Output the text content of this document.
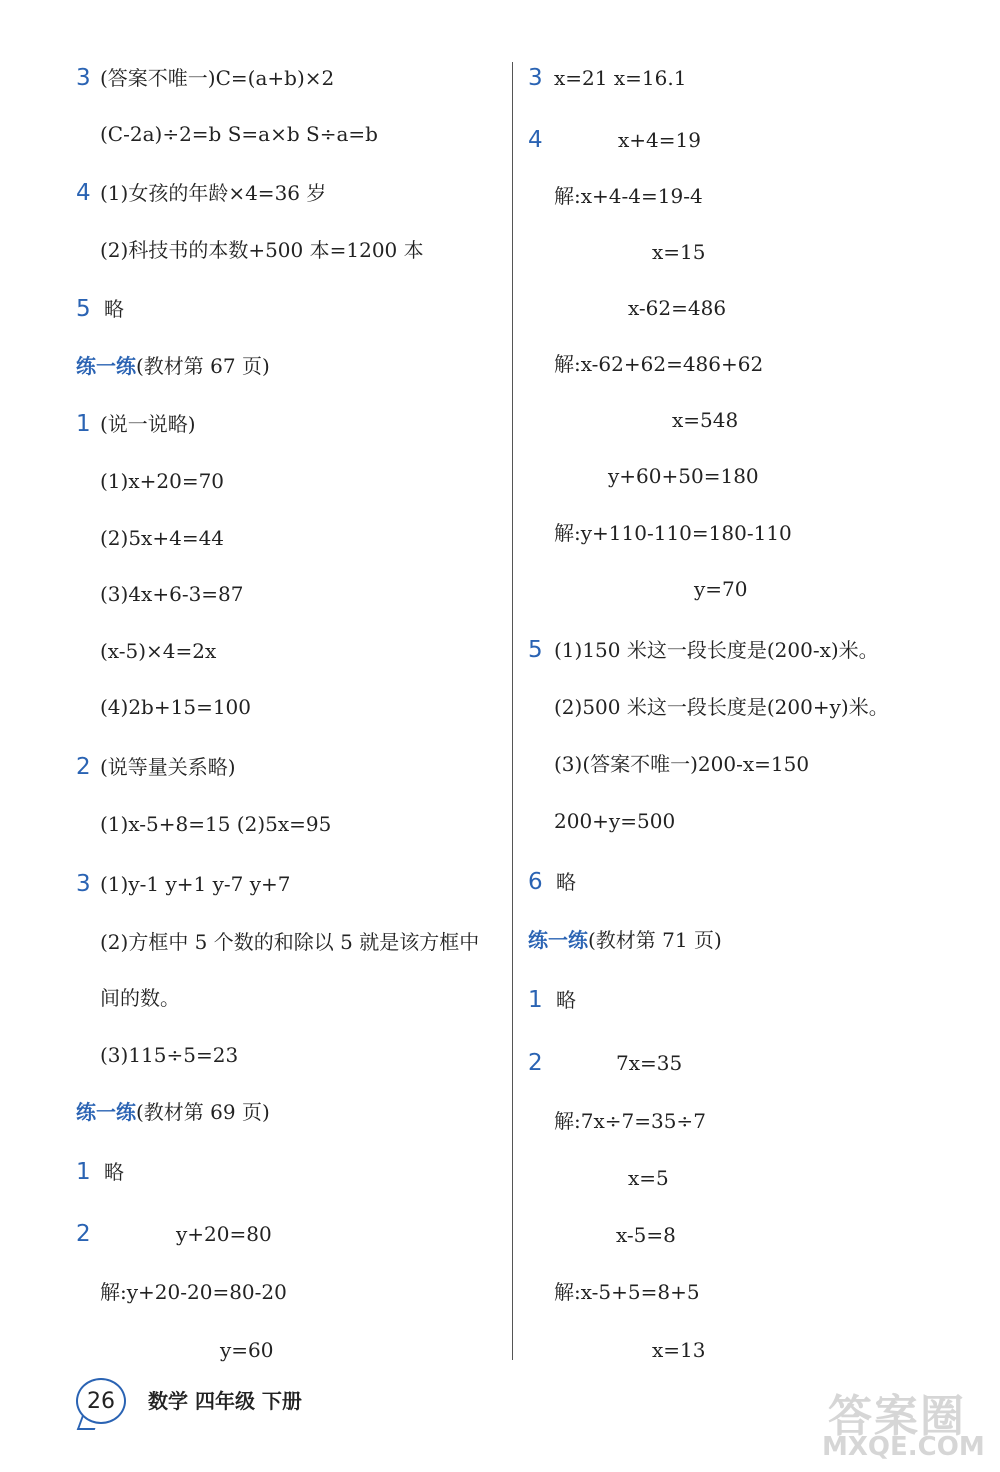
3 (答案不唯一)C=(a+b)×2
(C-2a)÷2=b S=a×b S÷a=b
4 (1)女孩的年龄×4=36 岁
(2)科技书的本数+500 本=1200 本
5 略
练一练(教材第 67 页)
1 (说一说略)
(1)x+20=70
(2)5x+4=44
(3)4x+6-3=87
(x-5)×4=2x
(4)2b+15=100
2 (说等量关系略)
(1)x-5+8=15 (2)5x=95
3 (1)y-1 y+1 y-7 y+7
(2)方框中 5 个数的和除以 5 就是该方框中
间的数。
(3)115÷5=23
练一练(教材第 69 页)
1 略
2	y+20=80
解:y+20-20=80-20
y=60
3 x=21 x=16.1
4	x+4=19
解:x+4-4=19-4
x=15
x-62=486
解:x-62+62=486+62
x=548
y+60+50=180
解:y+110-110=180-110
y=70
5 (1)150 米这一段长度是(200-x)米。
(2)500 米这一段长度是(200+y)米。
(3)(答案不唯一)200-x=150
200+y=500
6 略
练一练(教材第 71 页)
1 略
2	7x=35
解:7x÷7=35÷7
x=5
x-5=8
解:x-5+5=8+5
x=13
26	数学 四年级 下册	答案圈
MXQE.COM
